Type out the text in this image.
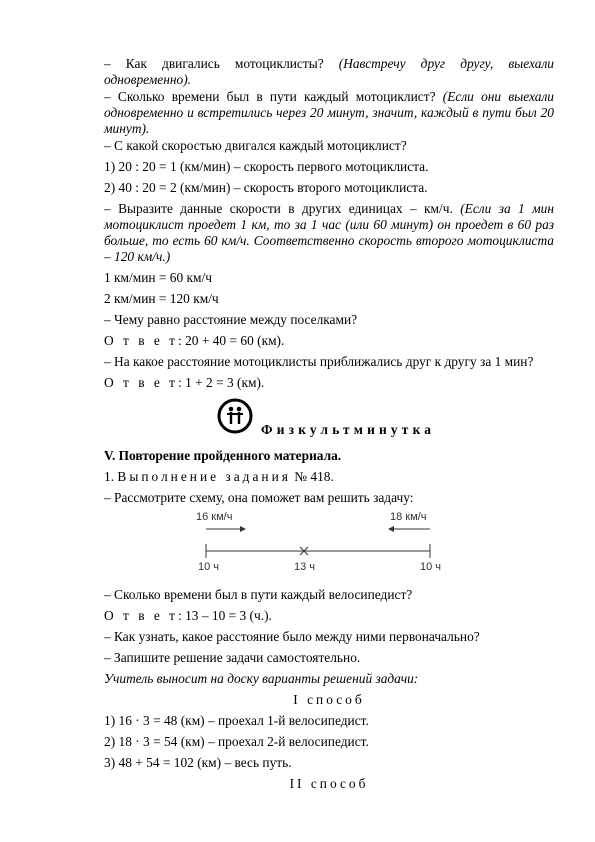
– Как двигались мотоциклисты? (Навстречу друг другу, выехали одновременно).

– Сколько времени был в пути каждый мотоциклист? (Если они выехали одновременно и встретились через 20 минут, значит, каждый в пути был 20 минут).

– С какой скоростью двигался каждый мотоциклист?

1) 20 : 20 = 1 (км/мин) – скорость первого мотоциклиста.

2) 40 : 20 = 2 (км/мин) – скорость второго мотоциклиста.

– Выразите данные скорости в других единицах – км/ч. (Если за 1 мин мотоциклист проедет 1 км, то за 1 час (или 60 минут) он проедет в 60 раз больше, то есть 60 км/ч. Соответственно скорость второго мотоциклиста – 120 км/ч.)

1 км/мин = 60 км/ч

2 км/мин = 120 км/ч

– Чему равно расстояние между поселками?

О т в е т: 20 + 40 = 60 (км).

– На какое расстояние мотоциклисты приближались друг к другу за 1 мин?

О т в е т: 1 + 2 = 3 (км).

Физкультминутка

V. Повторение пройденного материала.

1. Выполнение задания № 418.

– Рассмотрите схему, она поможет вам решить задачу:

16 км/ч	18 км/ч
10 ч	13 ч	10 ч

– Сколько времени был в пути каждый велосипедист?

О т в е т: 13 – 10 = 3 (ч.).

– Как узнать, какое расстояние было между ними первоначально?

– Запишите решение задачи самостоятельно.

Учитель выносит на доску варианты решений задачи:

I способ

1) 16 · 3 = 48 (км) – проехал 1-й велосипедист.

2) 18 · 3 = 54 (км) – проехал 2-й велосипедист.

3) 48 + 54 = 102 (км) – весь путь.

II способ
